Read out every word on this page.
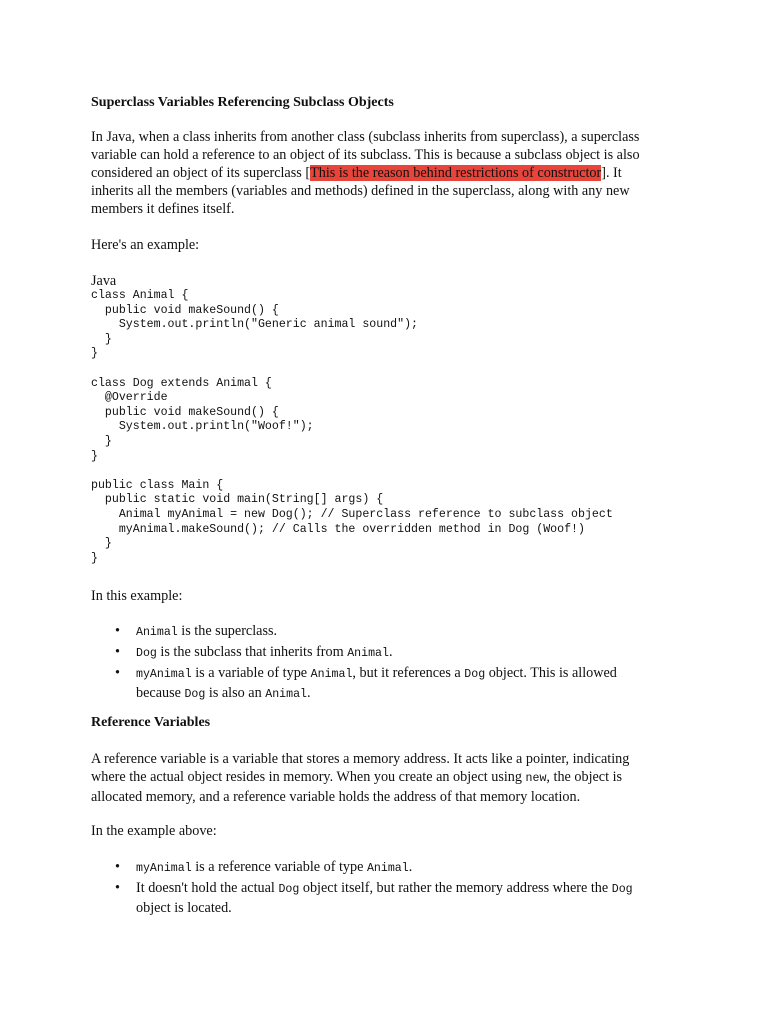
Superclass Variables Referencing Subclass Objects
In Java, when a class inherits from another class (subclass inherits from superclass), a superclass
variable can hold a reference to an object of its subclass. This is because a subclass object is also
considered an object of its superclass [This is the reason behind restrictions of constructor]. It
inherits all the members (variables and methods) defined in the superclass, along with any new
members it defines itself.
Here's an example:
Java
class Animal {
public void makeSound() {
System.out.println("Generic animal sound");
}
}
class Dog extends Animal {
@Override
public void makeSound() {
System.out.println("Woof!");
}
}
public class Main {
public static void main(String[] args) {
Animal myAnimal = new Dog(); // Superclass reference to subclass object
myAnimal.makeSound(); // Calls the overridden method in Dog (Woof!)
}
}
In this example:
• Animal is the superclass.
• Dog is the subclass that inherits from Animal.
• myAnimal is a variable of type Animal, but it references a Dog object. This is allowed
because Dog is also an Animal.
Reference Variables
A reference variable is a variable that stores a memory address. It acts like a pointer, indicating
where the actual object resides in memory. When you create an object using new, the object is
allocated memory, and a reference variable holds the address of that memory location.
In the example above:
• myAnimal is a reference variable of type Animal.
• It doesn't hold the actual Dog object itself, but rather the memory address where the Dog
object is located.
